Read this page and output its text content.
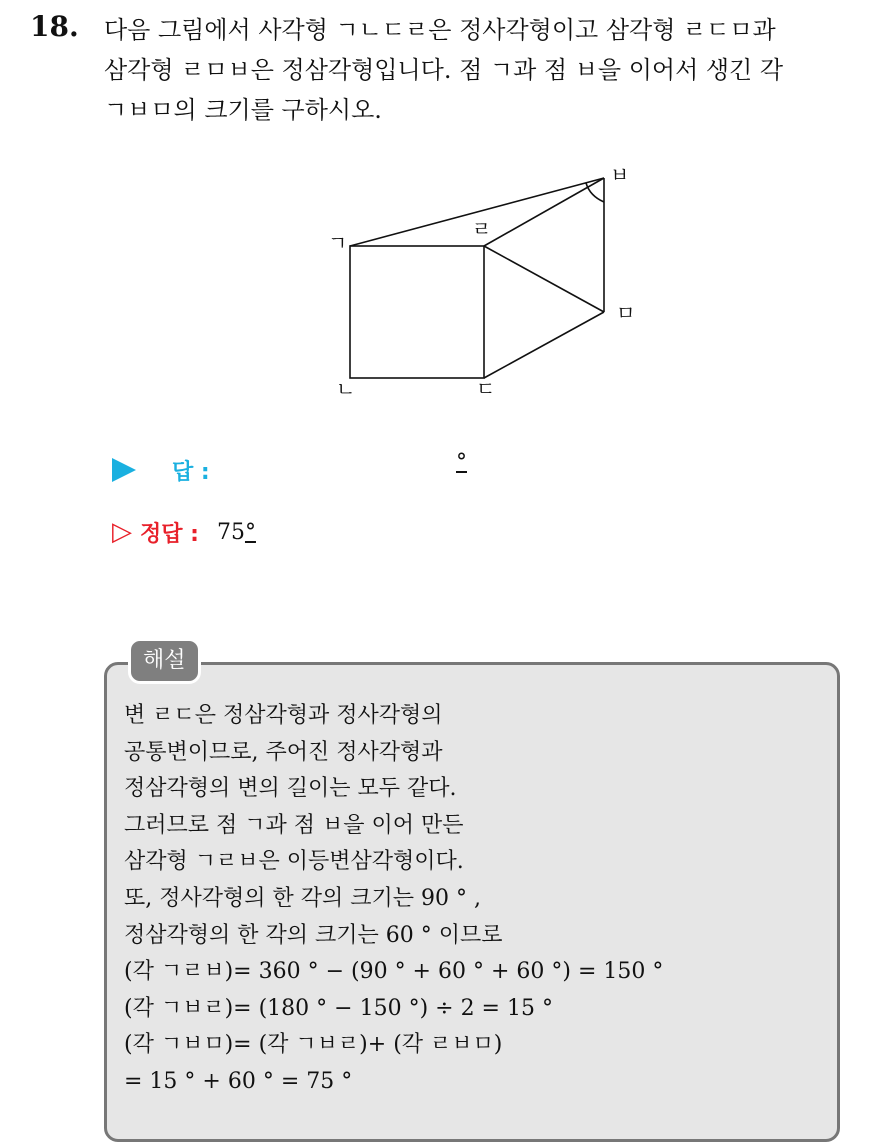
18. 다음 그림에서 사각형 ㄱㄴㄷㄹ은 정사각형이고 삼각형 ㄹㄷㅁ과
삼각형 ㄹㅁㅂ은 정삼각형입니다. 점 ㄱ과 점 ㅂ을 이어서 생긴 각
ㄱㅂㅁ의 크기를 구하시오.
ㄱ
ㄴ	ㄷ
ㄹ
ㅁ
ㅂ
답 :	°
▷ 정답 : 75°
해설
변 ㄹㄷ은 정삼각형과 정사각형의
공통변이므로, 주어진 정사각형과
정삼각형의 변의 길이는 모두 같다.
그러므로 점 ㄱ과 점 ㅂ을 이어 만든
삼각형 ㄱㄹㅂ은 이등변삼각형이다.
또, 정사각형의 한 각의 크기는 90 ° ,
정삼각형의 한 각의 크기는 60 ° 이므로
(각 ㄱㄹㅂ)= 360 ° − (90 ° + 60 ° + 60 °) = 150 °
(각 ㄱㅂㄹ)= (180 ° − 150 °) ÷ 2 = 15 °
(각 ㄱㅂㅁ)= (각 ㄱㅂㄹ)+ (각 ㄹㅂㅁ)
= 15 ° + 60 ° = 75 °
